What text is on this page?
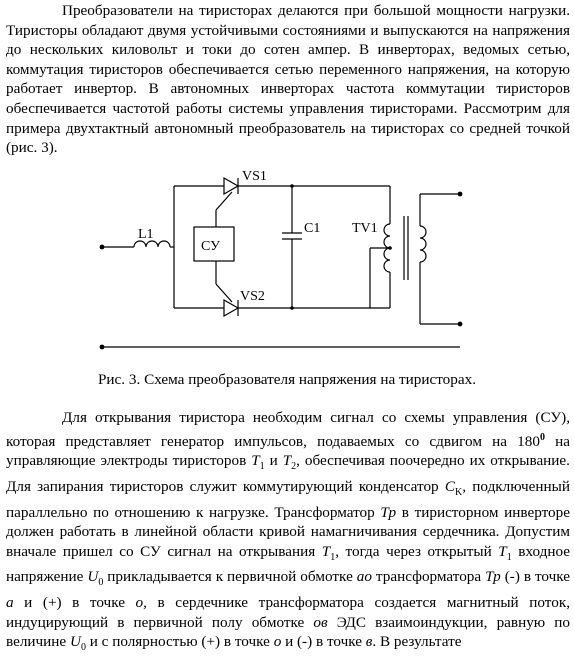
Преобразователи на тиристорах делаются при большой мощности нагрузки. Тиристоры обладают двумя устойчивыми состояниями и выпускаются на напряжения до нескольких киловольт и токи до сотен ампер. В инверторах, ведомых сетью, коммутация тиристоров обеспечивается сетью переменного напряжения, на которую работает инвертор. В автономных инверторах частота коммутации тиристоров обеспечивается частотой работы системы управления тиристорами. Рассмотрим для примера двухтактный автономный преобразователь на тиристорах со средней точкой (рис. 3).

L1
СУ
VS1
VS2
C1 TV1
Рис. 3. Схема преобразователя напряжения на тиристорах.

Для открывания тиристора необходим сигнал со схемы управления (СУ), которая представляет генератор импульсов, подаваемых со сдвигом на $180^0$ на управляющие электроды тиристоров $T_1$ и $T_2$, обеспечивая поочередно их открывание. Для запирания тиристоров служит коммутирующий конденсатор $C_K$, подключенный параллельно по отношению к нагрузке. Трансформатор Тр в тиристорном инверторе должен работать в линейной области кривой намагничивания сердечника. Допустим вначале пришел со СУ сигнал на открывания $T_1$, тогда через открытый $T_1$ входное напряжение $U_0$ прикладывается к первичной обмотке ао трансформатора Тр (-) в точке а и (+) в точке о, в сердечнике трансформатора создается магнитный поток, индуцирующий в первичной полу обмотке ов ЭДС взаимоиндукции, равную по величине $U_0$ и с полярностью (+) в точке о и (-) в точке в. В результате
